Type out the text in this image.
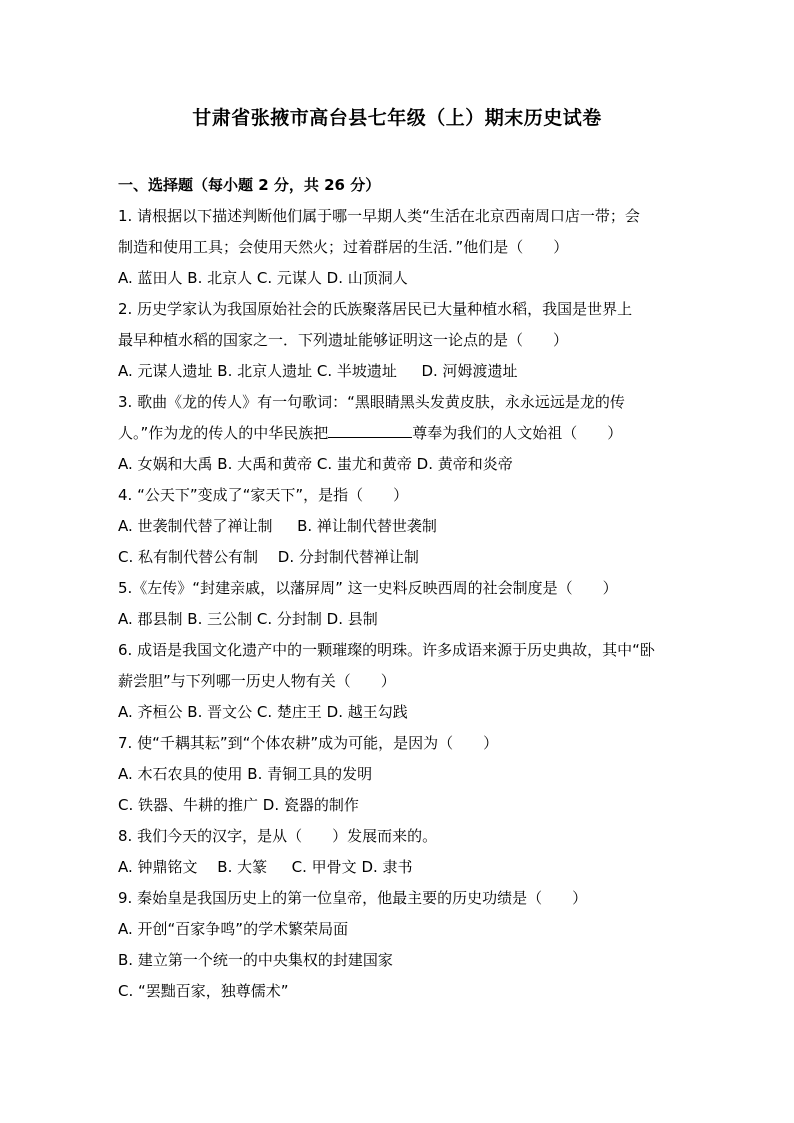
甘肃省张掖市高台县七年级（上）期末历史试卷
一、选择题（每小题 2 分，共 26 分）
1. 请根据以下描述判断他们属于哪一早期人类“生活在北京西南周口店一带；会
制造和使用工具；会使用天然火；过着群居的生活．”他们是（　　）
A. 蓝田人 B. 北京人 C. 元谋人 D. 山顶洞人
2. 历史学家认为我国原始社会的氏族聚落居民已大量种植水稻，我国是世界上
最早种植水稻的国家之一．下列遗址能够证明这一论点的是（　　）
A. 元谋人遗址 B. 北京人遗址 C. 半坡遗址 　 D. 河姆渡遗址
3. 歌曲《龙的传人》有一句歌词：“黑眼睛黑头发黄皮肤，永永远远是龙的传
人。”作为龙的传人的中华民族把	尊奉为我们的人文始祖（　　）
A. 女娲和大禹 B. 大禹和黄帝 C. 蚩尤和黄帝 D. 黄帝和炎帝
4. “公天下”变成了“家天下”，是指（　　）
A. 世袭制代替了禅让制 　 B. 禅让制代替世袭制
C. 私有制代替公有制 　D. 分封制代替禅让制
5.《左传》“封建亲戚，以藩屏周” 这一史料反映西周的社会制度是（　　）
A. 郡县制 B. 三公制 C. 分封制 D. 县制
6. 成语是我国文化遗产中的一颗璀璨的明珠。许多成语来源于历史典故，其中“卧
薪尝胆”与下列哪一历史人物有关（　　）
A. 齐桓公 B. 晋文公 C. 楚庄王 D. 越王勾践
7. 使“千耦其耘”到“个体农耕”成为可能，是因为（　　）
A. 木石农具的使用 B. 青铜工具的发明
C. 铁器、牛耕的推广 D. 瓷器的制作
8. 我们今天的汉字，是从（　　）发展而来的。
A. 钟鼎铭文 　B. 大篆 　 C. 甲骨文 D. 隶书
9. 秦始皇是我国历史上的第一位皇帝，他最主要的历史功绩是（　　）
A. 开创“百家争鸣”的学术繁荣局面
B. 建立第一个统一的中央集权的封建国家
C. “罢黜百家，独尊儒术”
